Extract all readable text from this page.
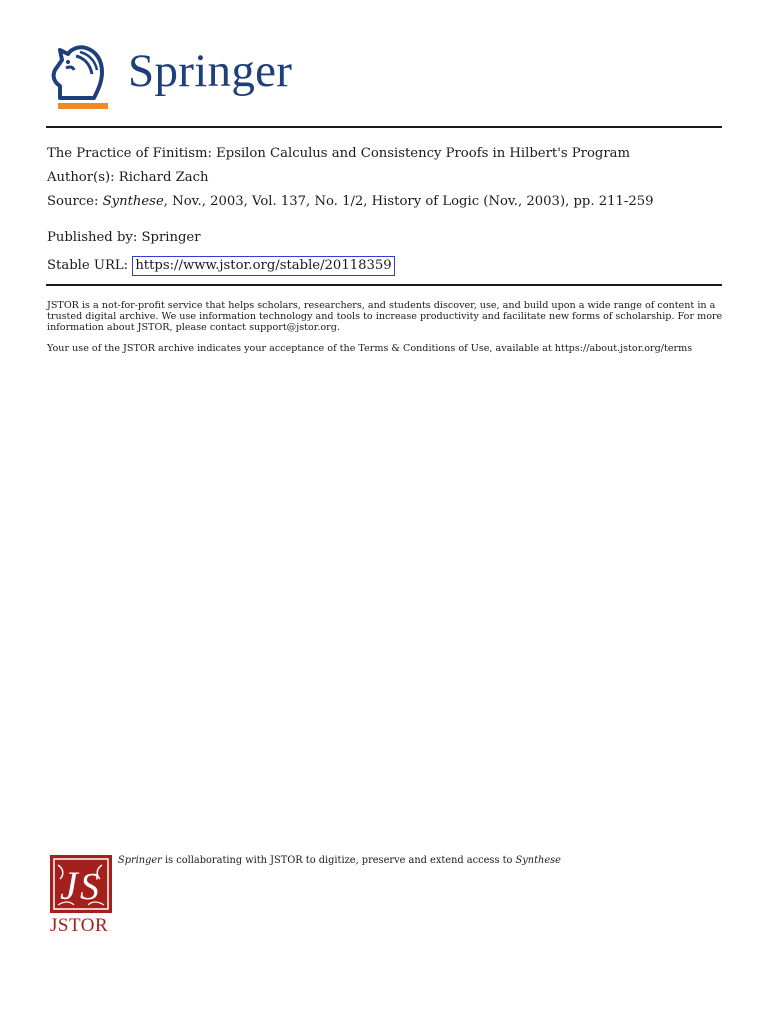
Springer
The Practice of Finitism: Epsilon Calculus and Consistency Proofs in Hilbert's Program
Author(s): Richard Zach
Source: Synthese, Nov., 2003, Vol. 137, No. 1/2, History of Logic (Nov., 2003), pp. 211-259
Published by: Springer
Stable URL: https://www.jstor.org/stable/20118359
JSTOR is a not-for-profit service that helps scholars, researchers, and students discover, use, and build upon a wide range of content in a trusted digital archive. We use information technology and tools to increase productivity and facilitate new forms of scholarship. For more information about JSTOR, please contact support@jstor.org.
Your use of the JSTOR archive indicates your acceptance of the Terms & Conditions of Use, available at https://about.jstor.org/terms
J S
JSTOR
Springer is collaborating with JSTOR to digitize, preserve and extend access to Synthese
